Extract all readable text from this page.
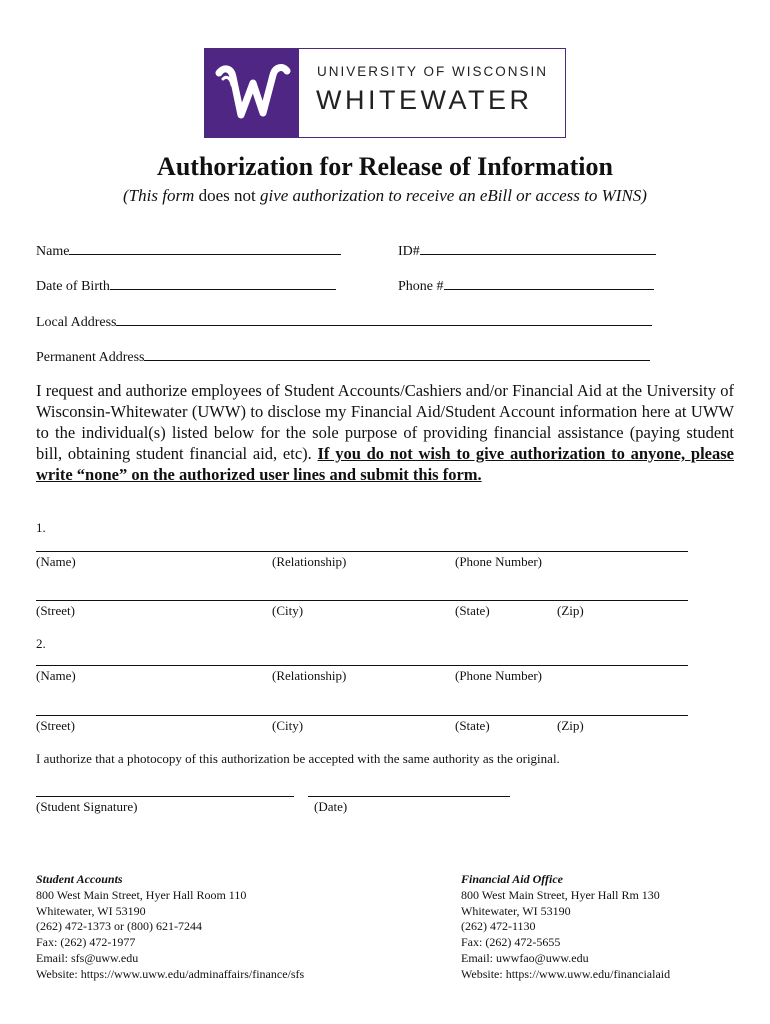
W
UNIVERSITY OF WISCONSIN
WHITEWATER
Authorization for Release of Information
(This form does not give authorization to receive an eBill or access to WINS)
Name	ID#
Date of Birth	Phone #
Local Address
Permanent Address
I request and authorize employees of Student Accounts/Cashiers and/or Financial Aid at the University of Wisconsin-Whitewater (UWW) to disclose my Financial Aid/Student Account information here at UWW to the individual(s) listed below for the sole purpose of providing financial assistance (paying student bill, obtaining student financial aid, etc). If you do not wish to give authorization to anyone, please write “none” on the authorized user lines and submit this form.
1.
(Name)	(Relationship)	(Phone Number)
(Street)	(City)	(State)	(Zip)
2.
(Name)	(Relationship)	(Phone Number)
(Street)	(City)	(State)	(Zip)
I authorize that a photocopy of this authorization be accepted with the same authority as the original.
(Student Signature)	(Date)
Student Accounts
800 West Main Street, Hyer Hall Room 110
Whitewater, WI 53190
(262) 472-1373 or (800) 621-7244
Fax: (262) 472-1977
Email: sfs@uww.edu
Website: https://www.uww.edu/adminaffairs/finance/sfs
Financial Aid Office
800 West Main Street, Hyer Hall Rm 130
Whitewater, WI 53190
(262) 472-1130
Fax: (262) 472-5655
Email: uwwfao@uww.edu
Website: https://www.uww.edu/financialaid
